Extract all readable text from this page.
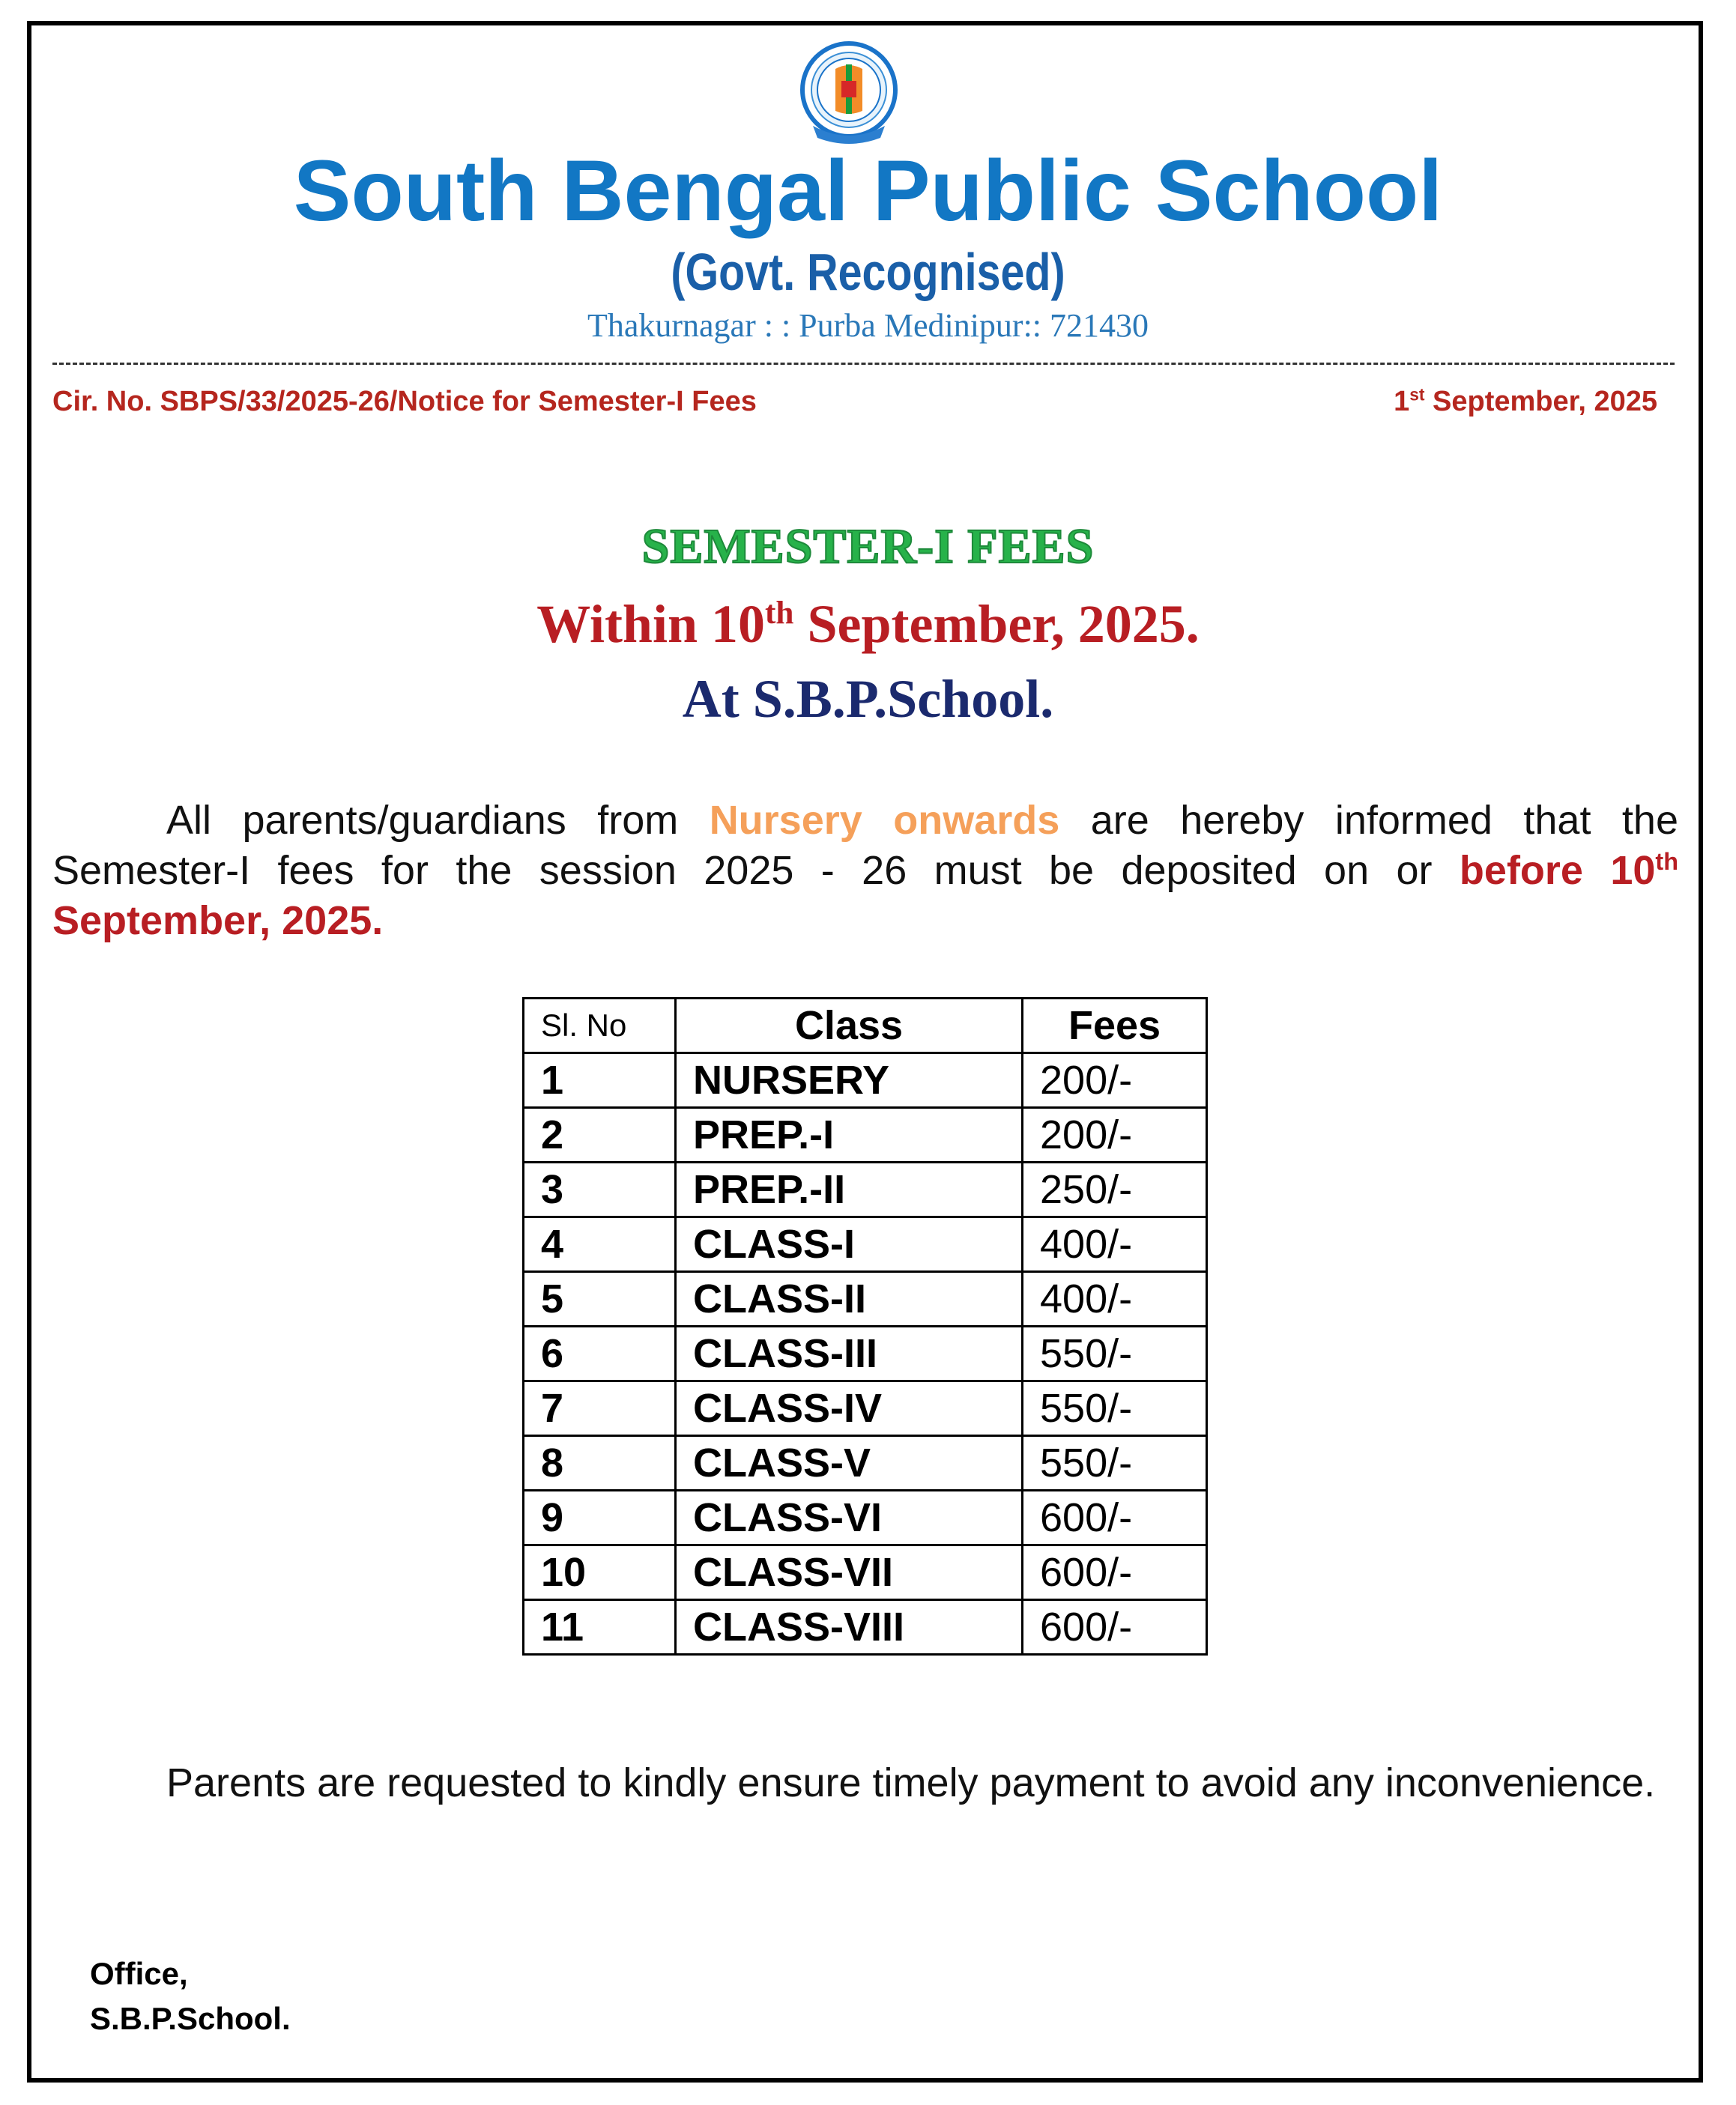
South Bengal Public School
(Govt. Recognised)
Thakurnagar : : Purba Medinipur:: 721430
Cir. No. SBPS/33/2025-26/Notice for Semester-I Fees	1st September, 2025
SEMESTER-I FEES
Within 10th September, 2025.
At S.B.P.School.
All parents/guardians from Nursery onwards are hereby informed that the Semester-I fees for the session 2025 - 26 must be deposited on or before 10th September, 2025.
Sl. No	Class	Fees
1	NURSERY	200/-
2	PREP.-I	200/-
3	PREP.-II	250/-
4	CLASS-I	400/-
5	CLASS-II	400/-
6	CLASS-III	550/-
7	CLASS-IV	550/-
8	CLASS-V	550/-
9	CLASS-VI	600/-
10	CLASS-VII	600/-
11	CLASS-VIII	600/-
Parents are requested to kindly ensure timely payment to avoid any inconvenience.
Office,
S.B.P.School.
